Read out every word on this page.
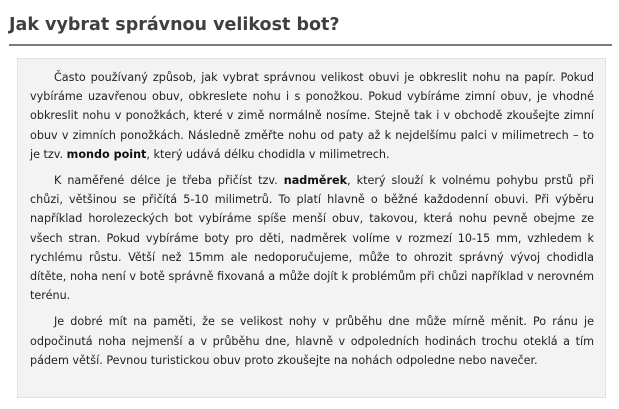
Jak vybrat správnou velikost bot?

Často používaný způsob, jak vybrat správnou velikost obuvi je obkreslit nohu na papír. Pokud vybíráme uzavřenou obuv, obkreslete nohu i s ponožkou. Pokud vybíráme zimní obuv, je vhodné obkreslit nohu v ponožkách, které v zimě normálně nosíme. Stejně tak i v obchodě zkoušejte zimní obuv v zimních ponožkách. Následně změřte nohu od paty až k nejdelšímu palci v milimetrech – to je tzv. mondo point, který udává délku chodidla v milimetrech.

K naměřené délce je třeba přičíst tzv. nadměrek, který slouží k volnému pohybu prstů při chůzi, většinou se přičítá 5-10 milimetrů. To platí hlavně o běžné každodenní obuvi. Při výběru například horolezeckých bot vybíráme spíše menší obuv, takovou, která nohu pevně obejme ze všech stran. Pokud vybíráme boty pro děti, nadměrek volíme v rozmezí 10-15 mm, vzhledem k rychlému růstu. Větší než 15mm ale nedoporučujeme, může to ohrozit správný vývoj chodidla dítěte, noha není v botě správně fixovaná a může dojít k problémům při chůzi například v nerovném terénu.

Je dobré mít na paměti, že se velikost nohy v průběhu dne může mírně měnit. Po ránu je odpočinutá noha nejmenší a v průběhu dne, hlavně v odpoledních hodinách trochu oteklá a tím pádem větší. Pevnou turistickou obuv proto zkoušejte na nohách odpoledne nebo navečer.
